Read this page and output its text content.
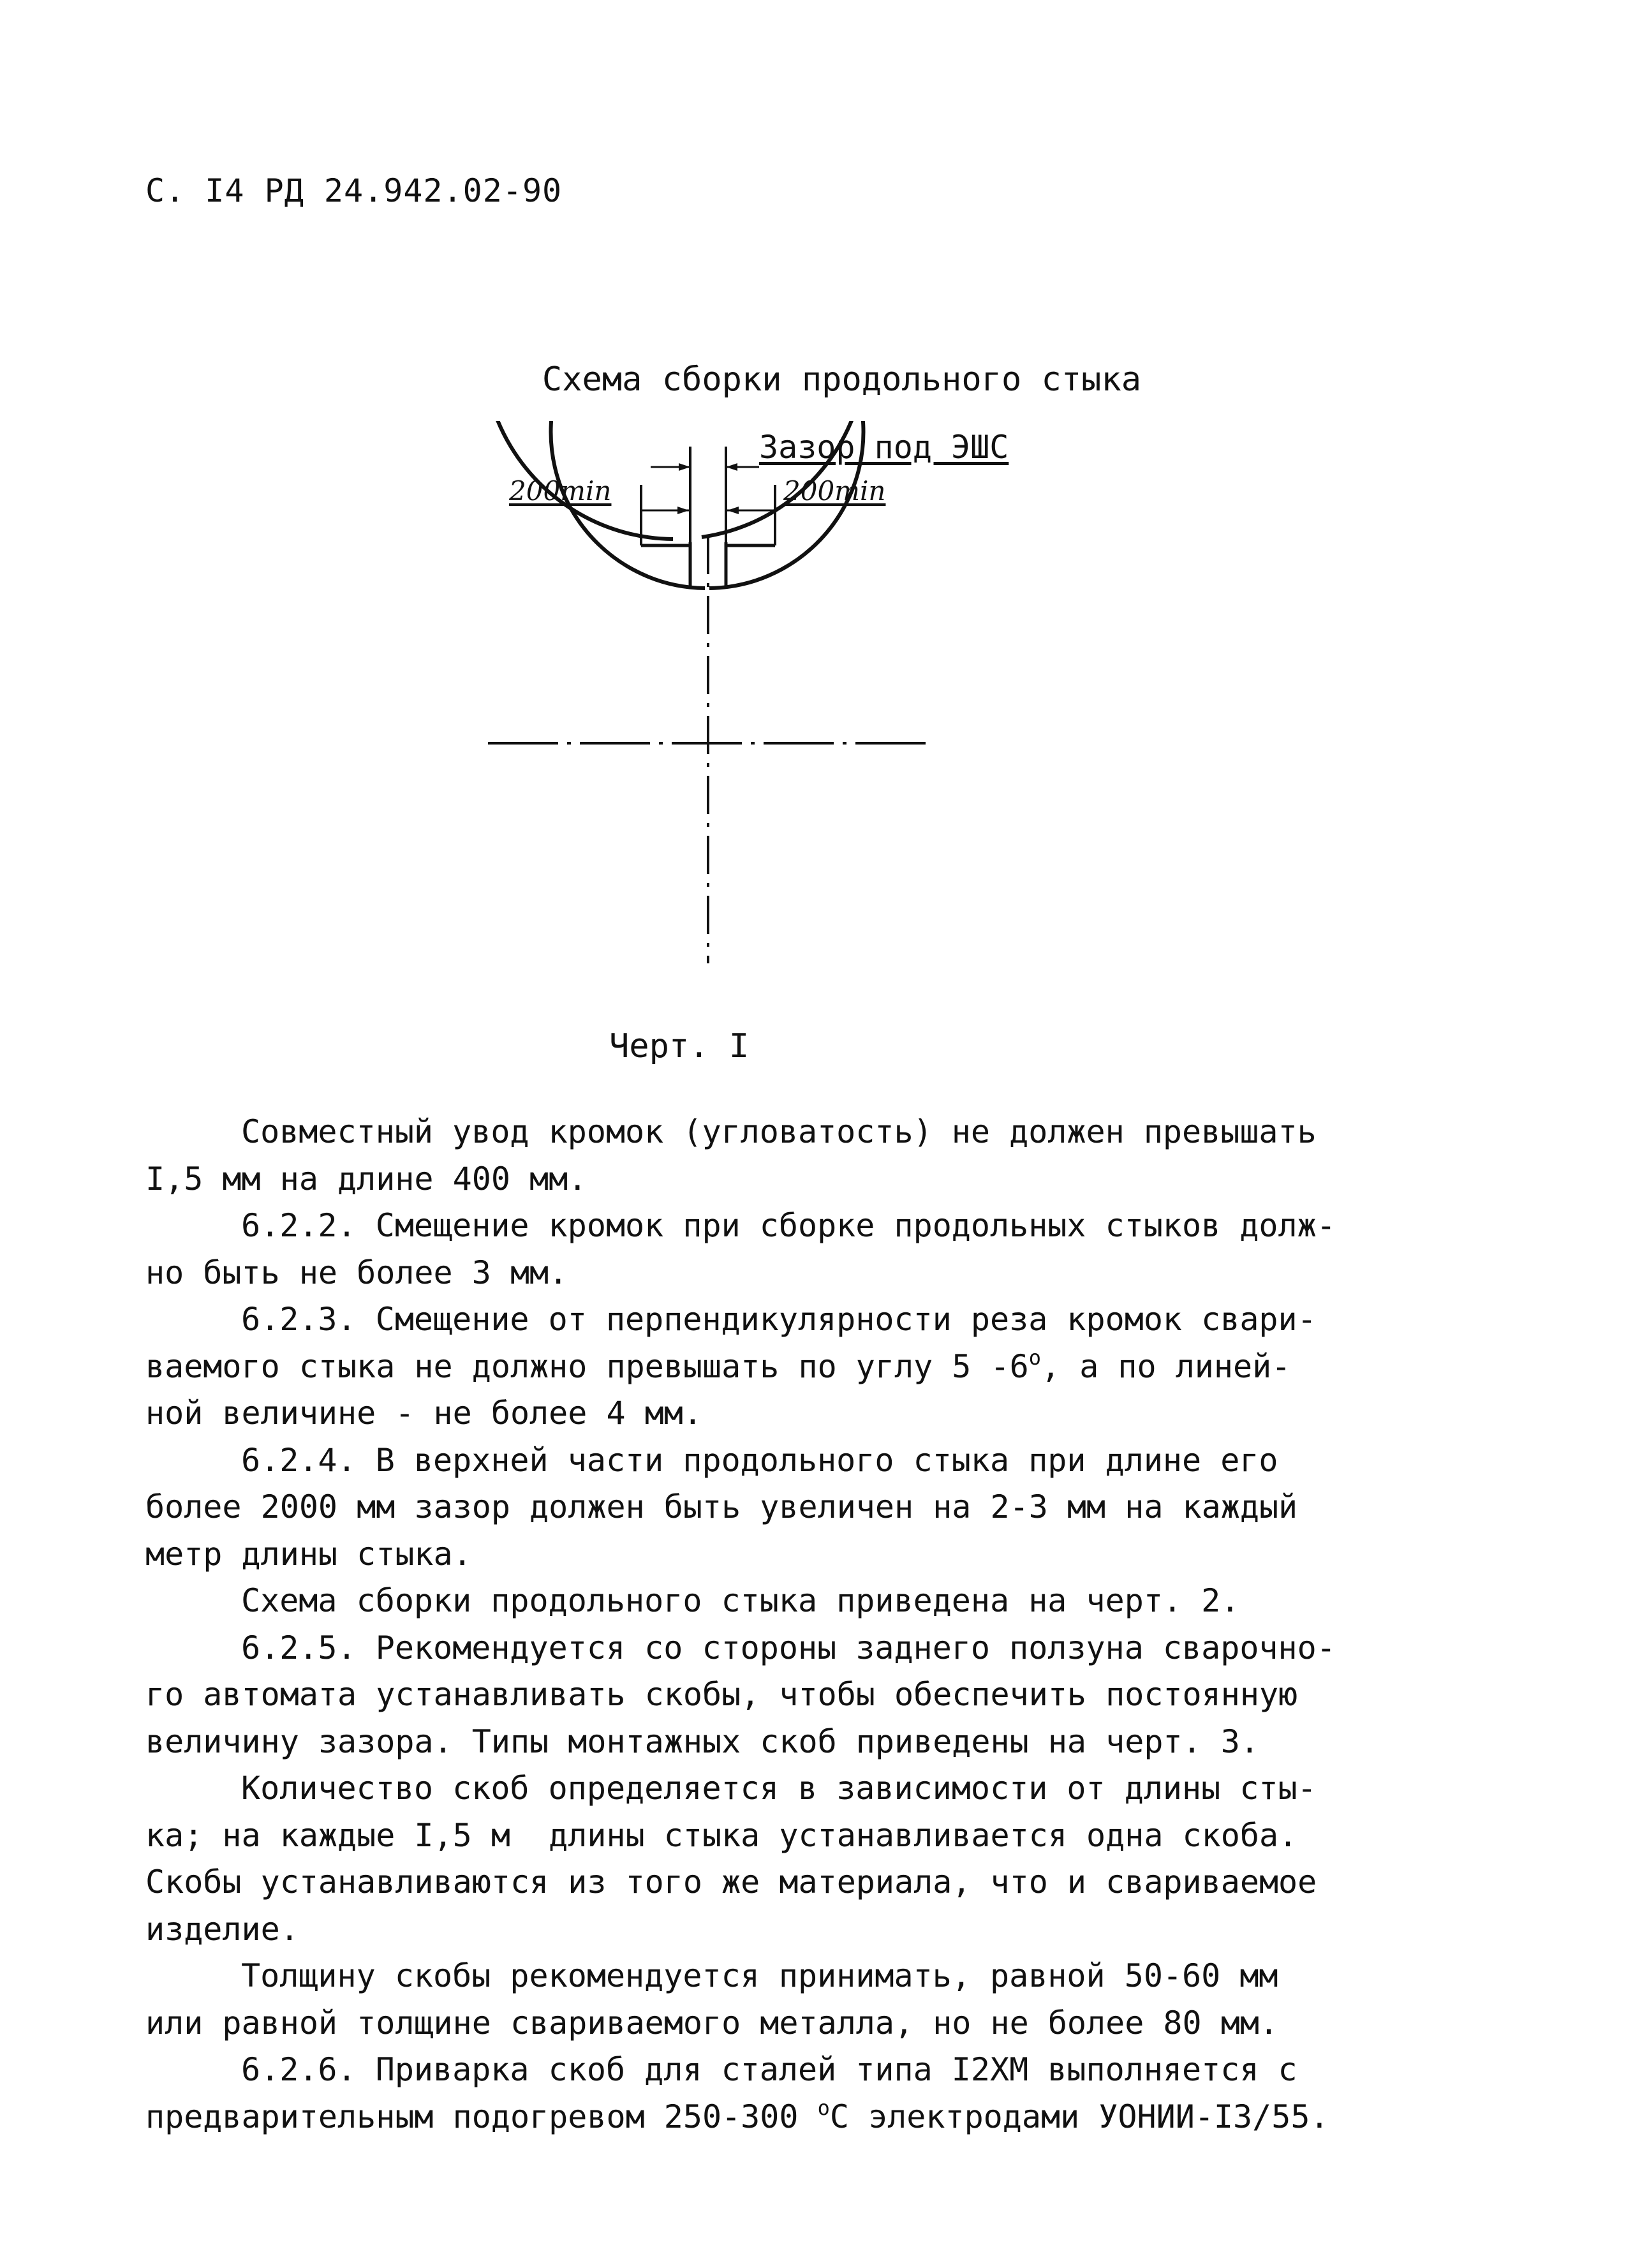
С. I4 РД 24.942.02-90
Схема сборки продольного стыка
Зазор под ЭШС
200min	200min
Черт. I
Совместный увод кромок (угловатость) не должен превышать
I,5 мм на длине 400 мм.
6.2.2. Смещение кромок при сборке продольных стыков долж-
но быть не более 3 мм.
6.2.3. Смещение от перпендикулярности реза кромок свари-
ваемого стыка не должно превышать по углу 5 $-6^о$, а по линей-
ной величине - не более 4 мм.
6.2.4. В верхней части продольного стыка при длине его
более 2000 мм зазор должен быть увеличен на 2-3 мм на каждый
метр длины стыка.
Схема сборки продольного стыка приведена на черт. 2.
6.2.5. Рекомендуется со стороны заднего ползуна сварочно-
го автомата устанавливать скобы, чтобы обеспечить постоянную
величину зазора. Типы монтажных скоб приведены на черт. 3.
Количество скоб определяется в зависимости от длины сты-
ка; на каждые I,5 м  длины стыка устанавливается одна скоба.
Скобы устанавливаются из того же материала, что и свариваемое
изделие.
Толщину скобы рекомендуется принимать, равной 50-60 мм
или равной толщине свариваемого металла, но не более 80 мм.
6.2.6. Приварка скоб для сталей типа I2ХМ выполняется с
предварительным подогревом 250-300 $^о$С электродами УОНИИ-I3/55.
